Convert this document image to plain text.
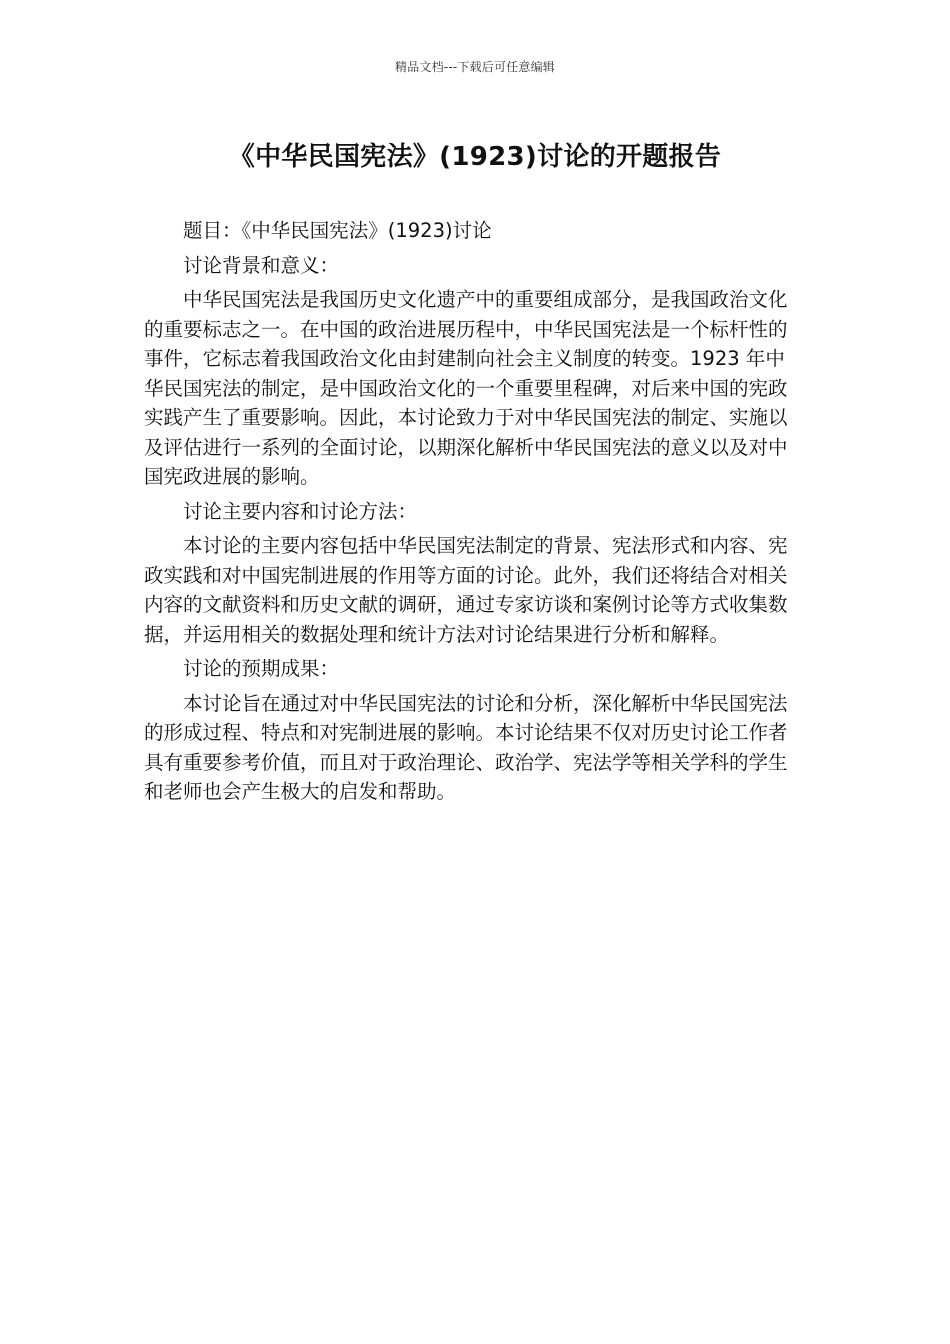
精品文档---下载后可任意编辑
《中华民国宪法》(1923)讨论的开题报告

题目：《中华民国宪法》(1923)讨论

讨论背景和意义：

中华民国宪法是我国历史文化遗产中的重要组成部分，是我国政治文化的重要标志之一。在中国的政治进展历程中，中华民国宪法是一个标杆性的事件，它标志着我国政治文化由封建制向社会主义制度的转变。1923 年中华民国宪法的制定，是中国政治文化的一个重要里程碑，对后来中国的宪政实践产生了重要影响。因此，本讨论致力于对中华民国宪法的制定、实施以及评估进行一系列的全面讨论，以期深化解析中华民国宪法的意义以及对中国宪政进展的影响。

讨论主要内容和讨论方法：

本讨论的主要内容包括中华民国宪法制定的背景、宪法形式和内容、宪政实践和对中国宪制进展的作用等方面的讨论。此外，我们还将结合对相关内容的文献资料和历史文献的调研，通过专家访谈和案例讨论等方式收集数据，并运用相关的数据处理和统计方法对讨论结果进行分析和解释。

讨论的预期成果：

本讨论旨在通过对中华民国宪法的讨论和分析，深化解析中华民国宪法的形成过程、特点和对宪制进展的影响。本讨论结果不仅对历史讨论工作者具有重要参考价值，而且对于政治理论、政治学、宪法学等相关学科的学生和老师也会产生极大的启发和帮助。
